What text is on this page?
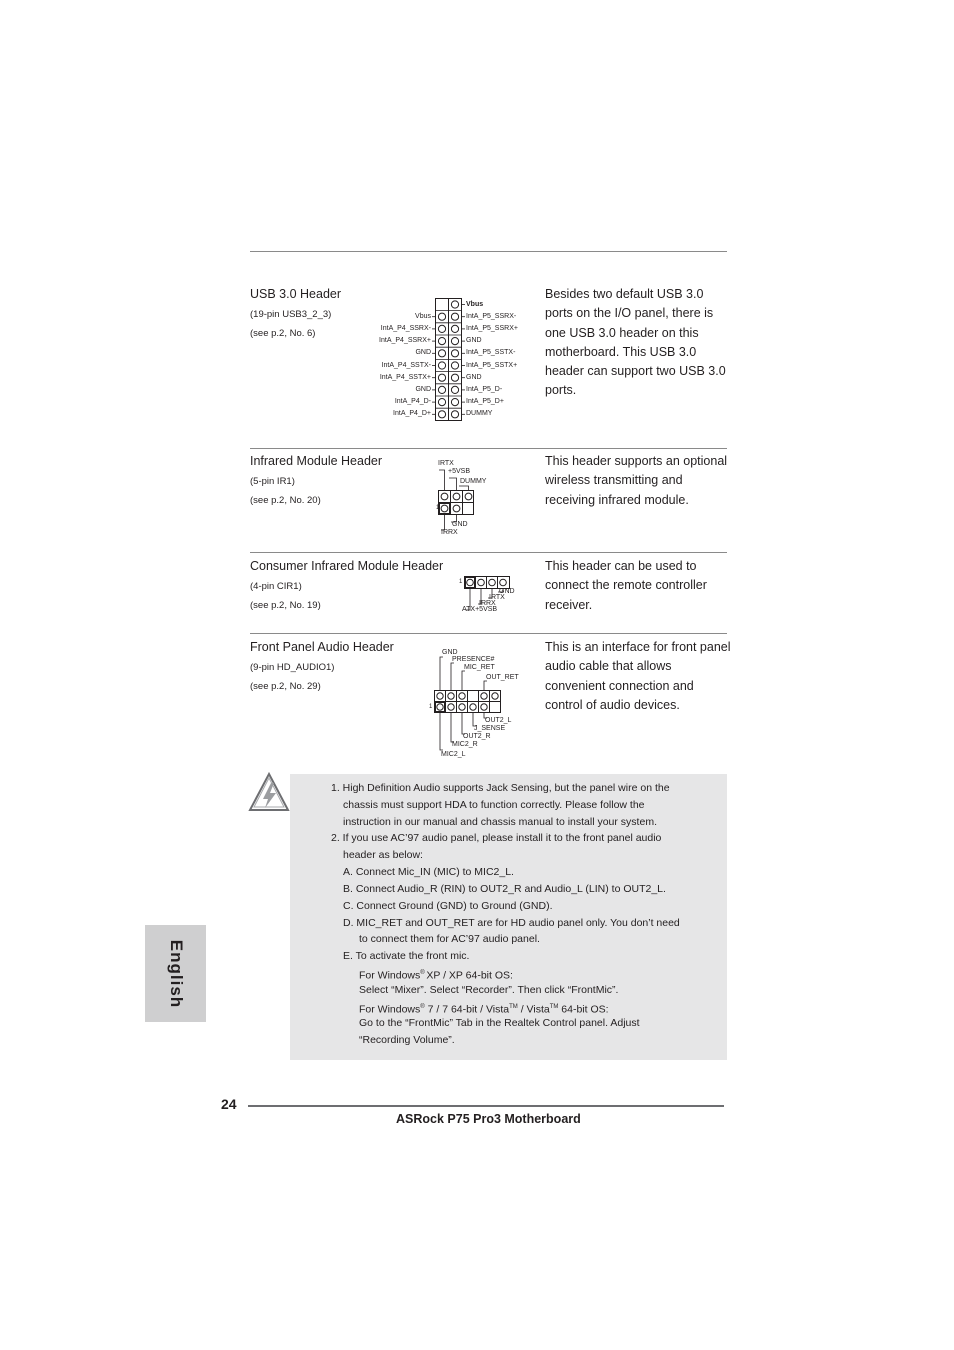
USB 3.0 Header
(19-pin USB3_2_3)
(see p.2, No. 6)
Besides two default USB 3.0 ports on the I/O panel, there is one USB 3.0 header on this motherboard. This USB 3.0 header can support two USB 3.0 ports.
Vbus
IntA_P4_SSRX-
IntA_P4_SSRX+
GND
IntA_P4_SSTX-
IntA_P4_SSTX+
GND
IntA_P4_D-
IntA_P4_D+
Vbus
IntA_P5_SSRX-
IntA_P5_SSRX+
GND
IntA_P5_SSTX-
IntA_P5_SSTX+
GND
IntA_P5_D-
IntA_P5_D+
DUMMY
Infrared Module Header
(5-pin IR1)
(see p.2, No. 20)
This header supports an optional wireless transmitting and receiving infrared module.
IRTX
+5VSB
DUMMY
GND
IRRX
1
Consumer Infrared Module Header
(4-pin CIR1)
(see p.2, No. 19)
This header can be used to connect the remote controller receiver.
GND
IRTX
IRRX
ATX+5VSB
1
Front Panel Audio Header
(9-pin HD_AUDIO1)
(see p.2, No. 29)
This is an interface for front panel audio cable that allows convenient connection and control of audio devices.
GND
PRESENCE#
MIC_RET
OUT_RET
OUT2_L
J_SENSE
OUT2_R
MIC2_R
MIC2_L
1
1. High Definition Audio supports Jack Sensing, but the panel wire on the
chassis must support HDA to function correctly. Please follow the
instruction in our manual and chassis manual to install your system.
2. If you use AC’97 audio panel, please install it to the front panel audio
header as below:
A. Connect Mic_IN (MIC) to MIC2_L.
B. Connect Audio_R (RIN) to OUT2_R and Audio_L (LIN) to OUT2_L.
C. Connect Ground (GND) to Ground (GND).
D. MIC_RET and OUT_RET are for HD audio panel only. You don’t need
to connect them for AC’97 audio panel.
E. To activate the front mic.
For Windows® XP / XP 64-bit OS:
Select “Mixer”. Select “Recorder”. Then click “FrontMic”.
For Windows® 7 / 7 64-bit / Vista™ / Vista™ 64-bit OS:
Go to the “FrontMic” Tab in the Realtek Control panel. Adjust
“Recording Volume”.
English
24
ASRock P75 Pro3 Motherboard
